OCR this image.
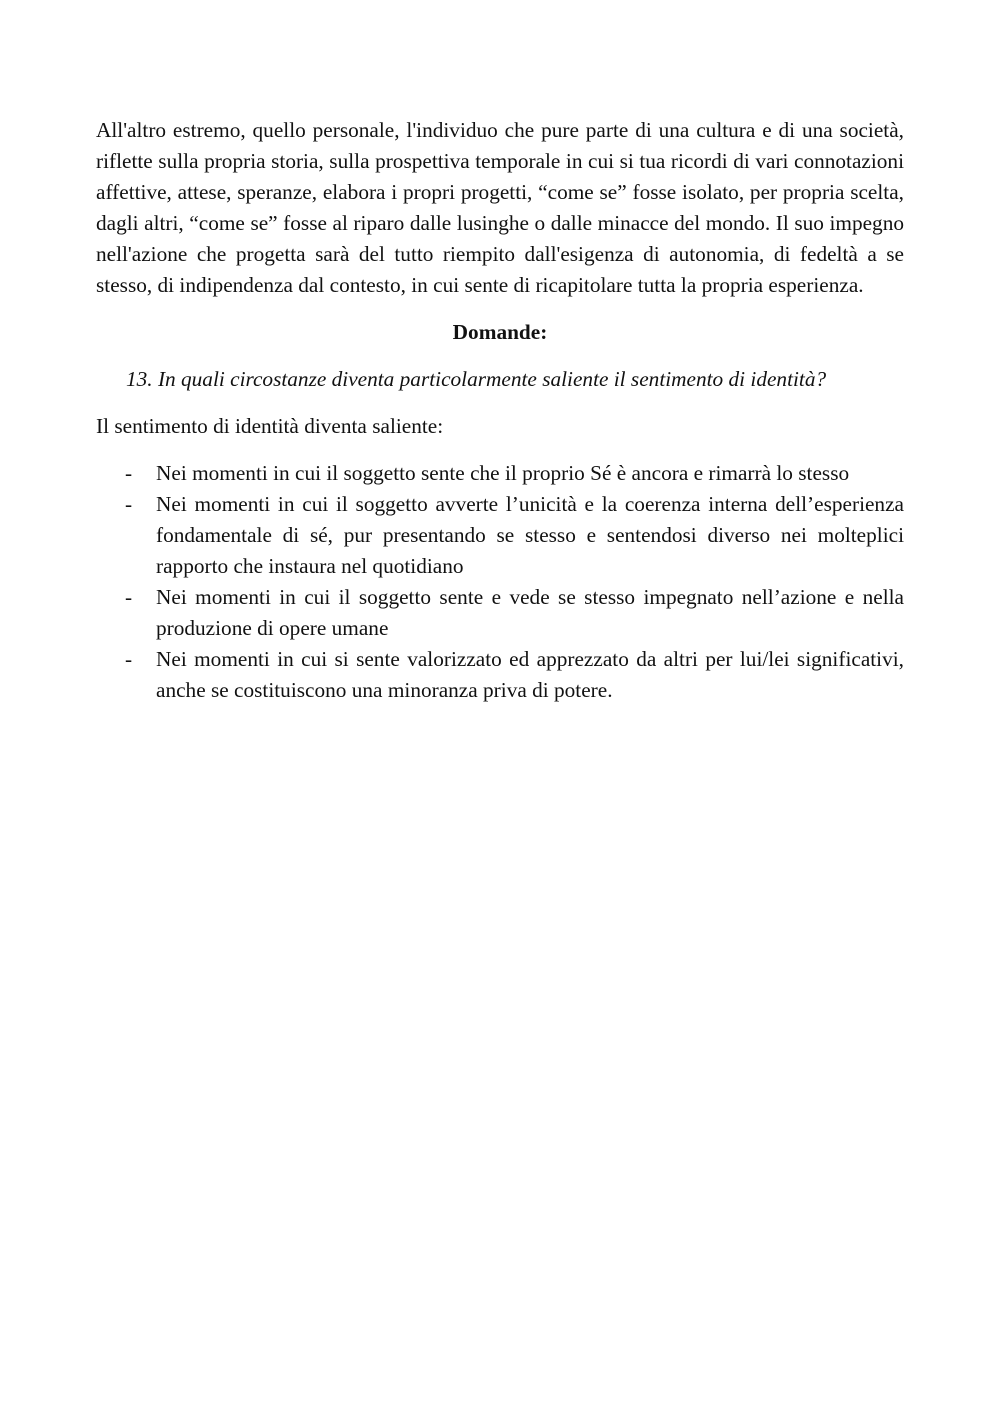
All'altro estremo, quello personale, l'individuo che pure parte di una cultura e di una società, riflette sulla propria storia, sulla prospettiva temporale in cui si tua ricordi di vari connotazioni affettive, attese, speranze, elabora i propri progetti, “come se” fosse isolato, per propria scelta, dagli altri, “come se” fosse al riparo dalle lusinghe o dalle minacce del mondo. Il suo impegno nell'azione che progetta sarà del tutto riempito dall'esigenza di autonomia, di fedeltà a se stesso, di indipendenza dal contesto, in cui sente di ricapitolare tutta la propria esperienza.

Domande:

13. In quali circostanze diventa particolarmente saliente il sentimento di identità?

Il sentimento di identità diventa saliente:

- Nei momenti in cui il soggetto sente che il proprio Sé è ancora e rimarrà lo stesso
- Nei momenti in cui il soggetto avverte l’unicità e la coerenza interna dell’esperienza fondamentale di sé, pur presentando se stesso e sentendosi diverso nei molteplici rapporto che instaura nel quotidiano
- Nei momenti in cui il soggetto sente e vede se stesso impegnato nell’azione e nella produzione di opere umane
- Nei momenti in cui si sente valorizzato ed apprezzato da altri per lui/lei significativi, anche se costituiscono una minoranza priva di potere.
